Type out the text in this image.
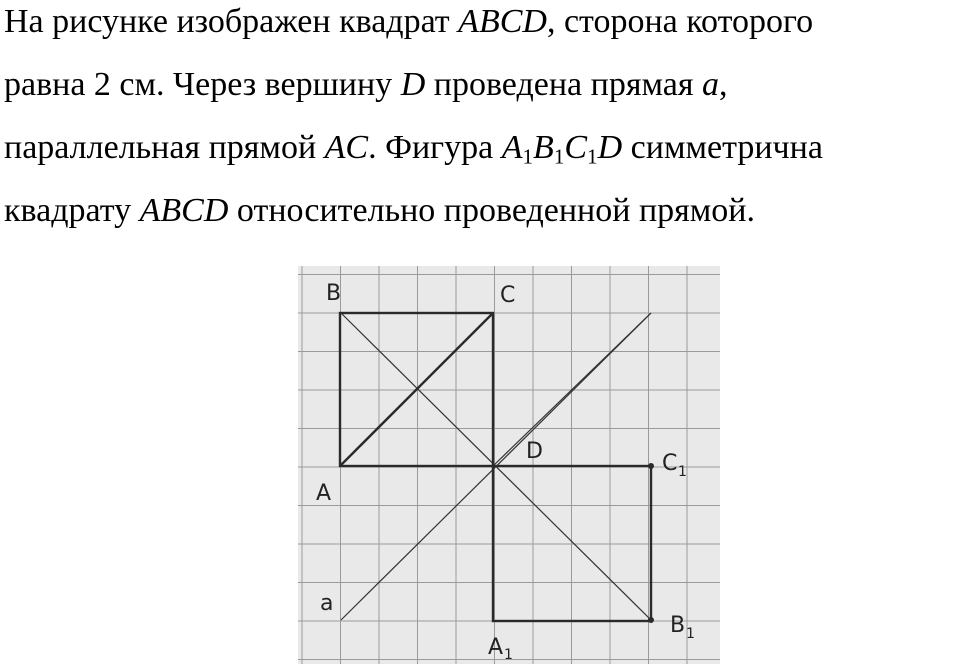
На рисунке изображен квадрат ABCD, сторона которого
равна 2 см. Через вершину D проведена прямая a,
параллельная прямой AC. Фигура $A_1B_1C_1D$ симметрична
квадрату ABCD относительно проведенной прямой.
B	C
A
D	C 1
B 1
A 1
a
